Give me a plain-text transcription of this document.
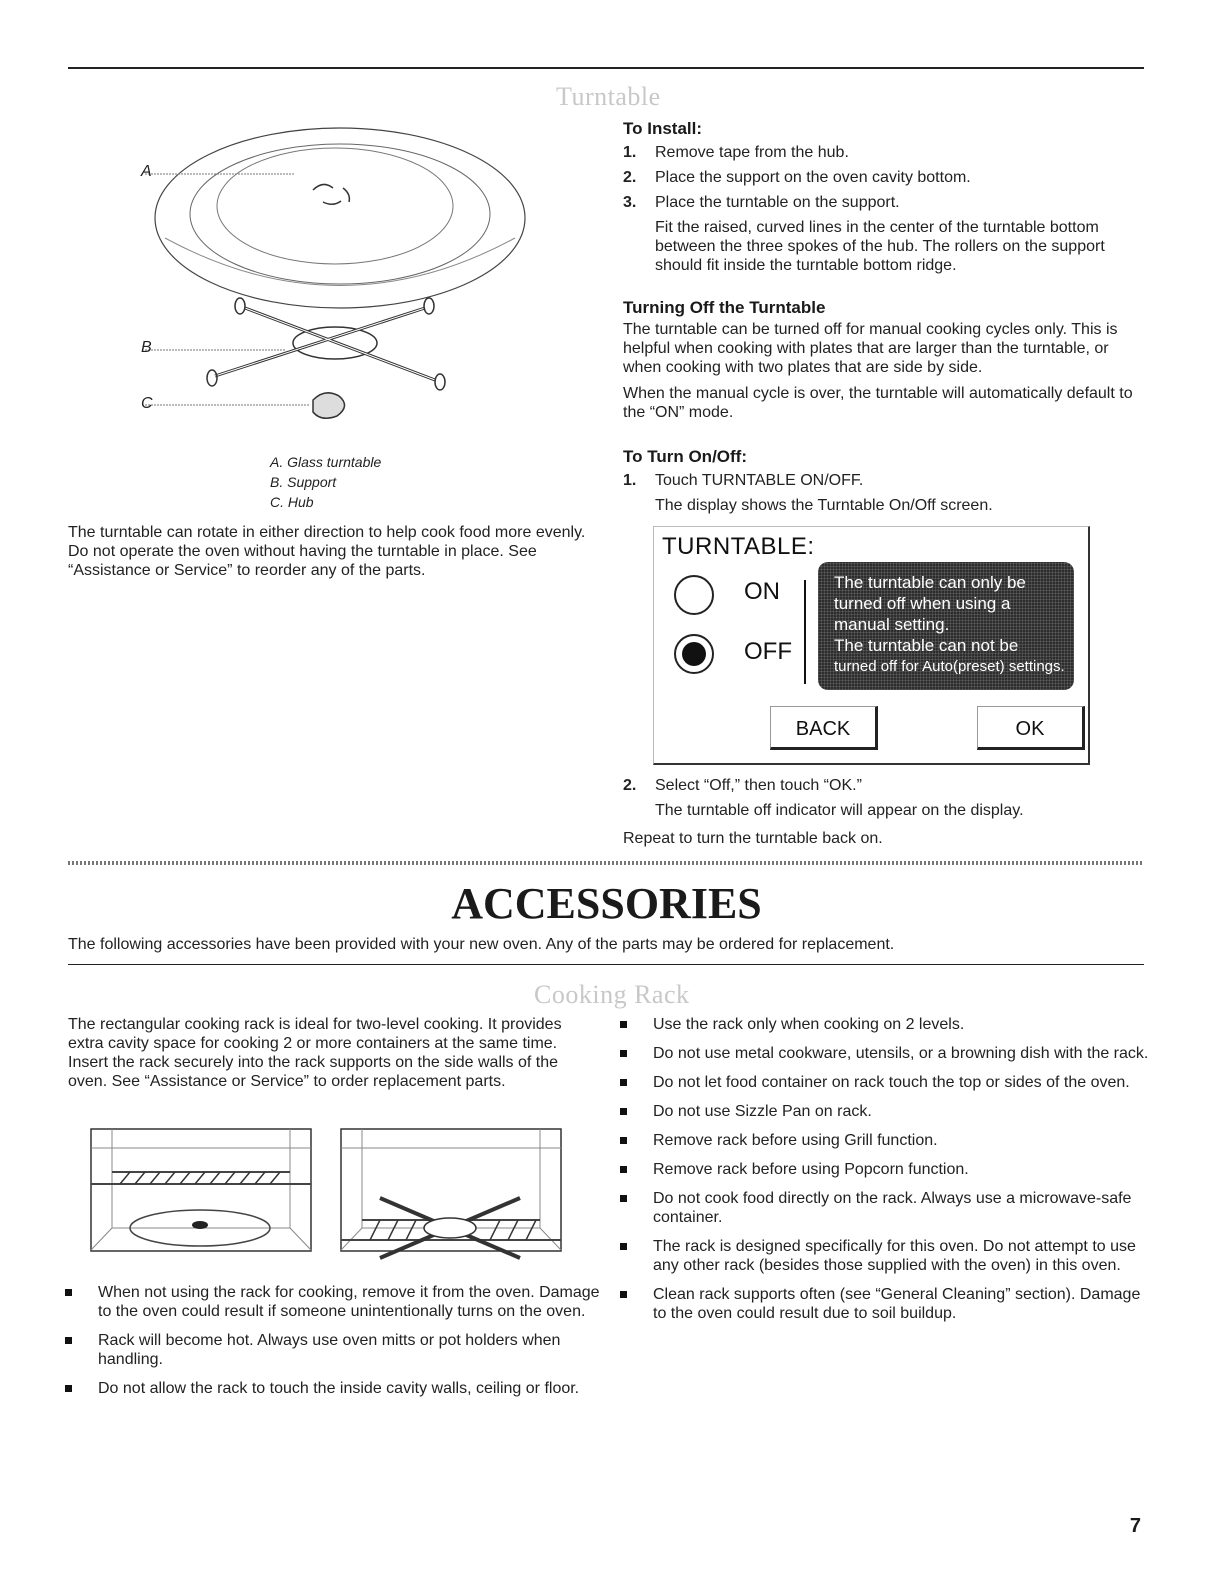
Turntable
A
B
C
A. Glass turntable
B. Support
C. Hub
The turntable can rotate in either direction to help cook food more evenly. Do not operate the oven without having the turntable in place. See “Assistance or Service” to reorder any of the parts.
To Install:
1. Remove tape from the hub.
2. Place the support on the oven cavity bottom.
3. Place the turntable on the support.
Fit the raised, curved lines in the center of the turntable bottom between the three spokes of the hub. The rollers on the support should fit inside the turntable bottom ridge.
Turning Off the Turntable
The turntable can be turned off for manual cooking cycles only. This is helpful when cooking with plates that are larger than the turntable, or when cooking with two plates that are side by side.
When the manual cycle is over, the turntable will automatically default to the “ON” mode.
To Turn On/Off:
1. Touch TURNTABLE ON/OFF.
The display shows the Turntable On/Off screen.
TURNTABLE:
ON
OFF
The turntable can only be
turned off when using a
manual setting.
The turntable can not be
turned off for Auto(preset) settings.
BACK	OK
2. Select “Off,” then touch “OK.”
The turntable off indicator will appear on the display.
Repeat to turn the turntable back on.
ACCESSORIES
The following accessories have been provided with your new oven. Any of the parts may be ordered for replacement.
Cooking Rack
The rectangular cooking rack is ideal for two-level cooking. It provides extra cavity space for cooking 2 or more containers at the same time. Insert the rack securely into the rack supports on the side walls of the oven. See “Assistance or Service” to order replacement parts.
When not using the rack for cooking, remove it from the oven. Damage to the oven could result if someone unintentionally turns on the oven.
Rack will become hot. Always use oven mitts or pot holders when handling.
Do not allow the rack to touch the inside cavity walls, ceiling or floor.
Use the rack only when cooking on 2 levels.
Do not use metal cookware, utensils, or a browning dish with the rack.
Do not let food container on rack touch the top or sides of the oven.
Do not use Sizzle Pan on rack.
Remove rack before using Grill function.
Remove rack before using Popcorn function.
Do not cook food directly on the rack. Always use a microwave-safe container.
The rack is designed specifically for this oven. Do not attempt to use any other rack (besides those supplied with the oven) in this oven.
Clean rack supports often (see “General Cleaning” section). Damage to the oven could result due to soil buildup.
7
